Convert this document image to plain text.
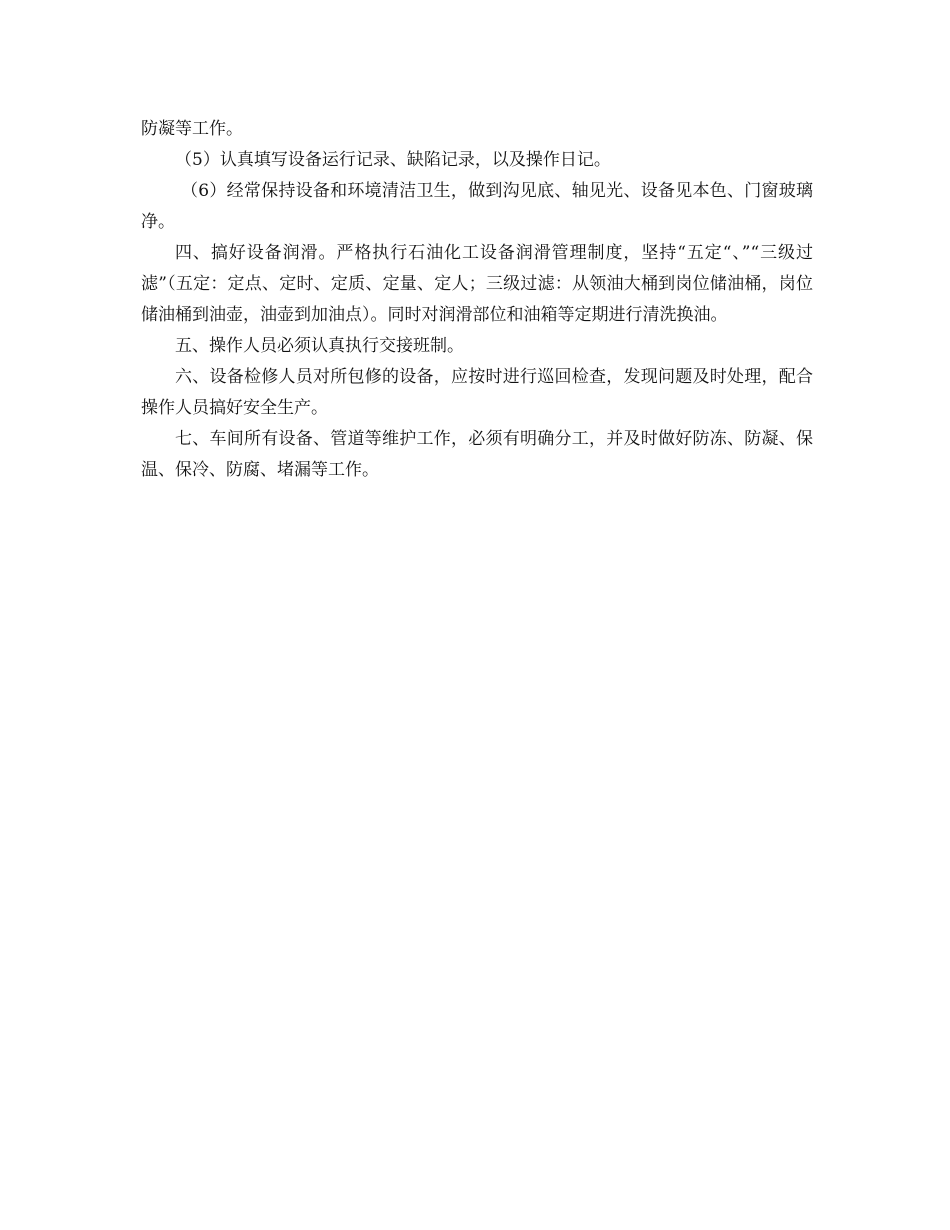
防凝等工作。

（5）认真填写设备运行记录、缺陷记录，以及操作日记。

（6）经常保持设备和环境清洁卫生，做到沟见底、轴见光、设备见本色、门窗玻璃净。

四、搞好设备润滑。严格执行石油化工设备润滑管理制度，坚持“五定“、”“三级过滤”（五定：定点、定时、定质、定量、定人；三级过滤：从领油大桶到岗位储油桶，岗位储油桶到油壶，油壶到加油点）。同时对润滑部位和油箱等定期进行清洗换油。

五、操作人员必须认真执行交接班制。

六、设备检修人员对所包修的设备，应按时进行巡回检查，发现问题及时处理，配合操作人员搞好安全生产。

七、车间所有设备、管道等维护工作，必须有明确分工，并及时做好防冻、防凝、保温、保冷、防腐、堵漏等工作。
